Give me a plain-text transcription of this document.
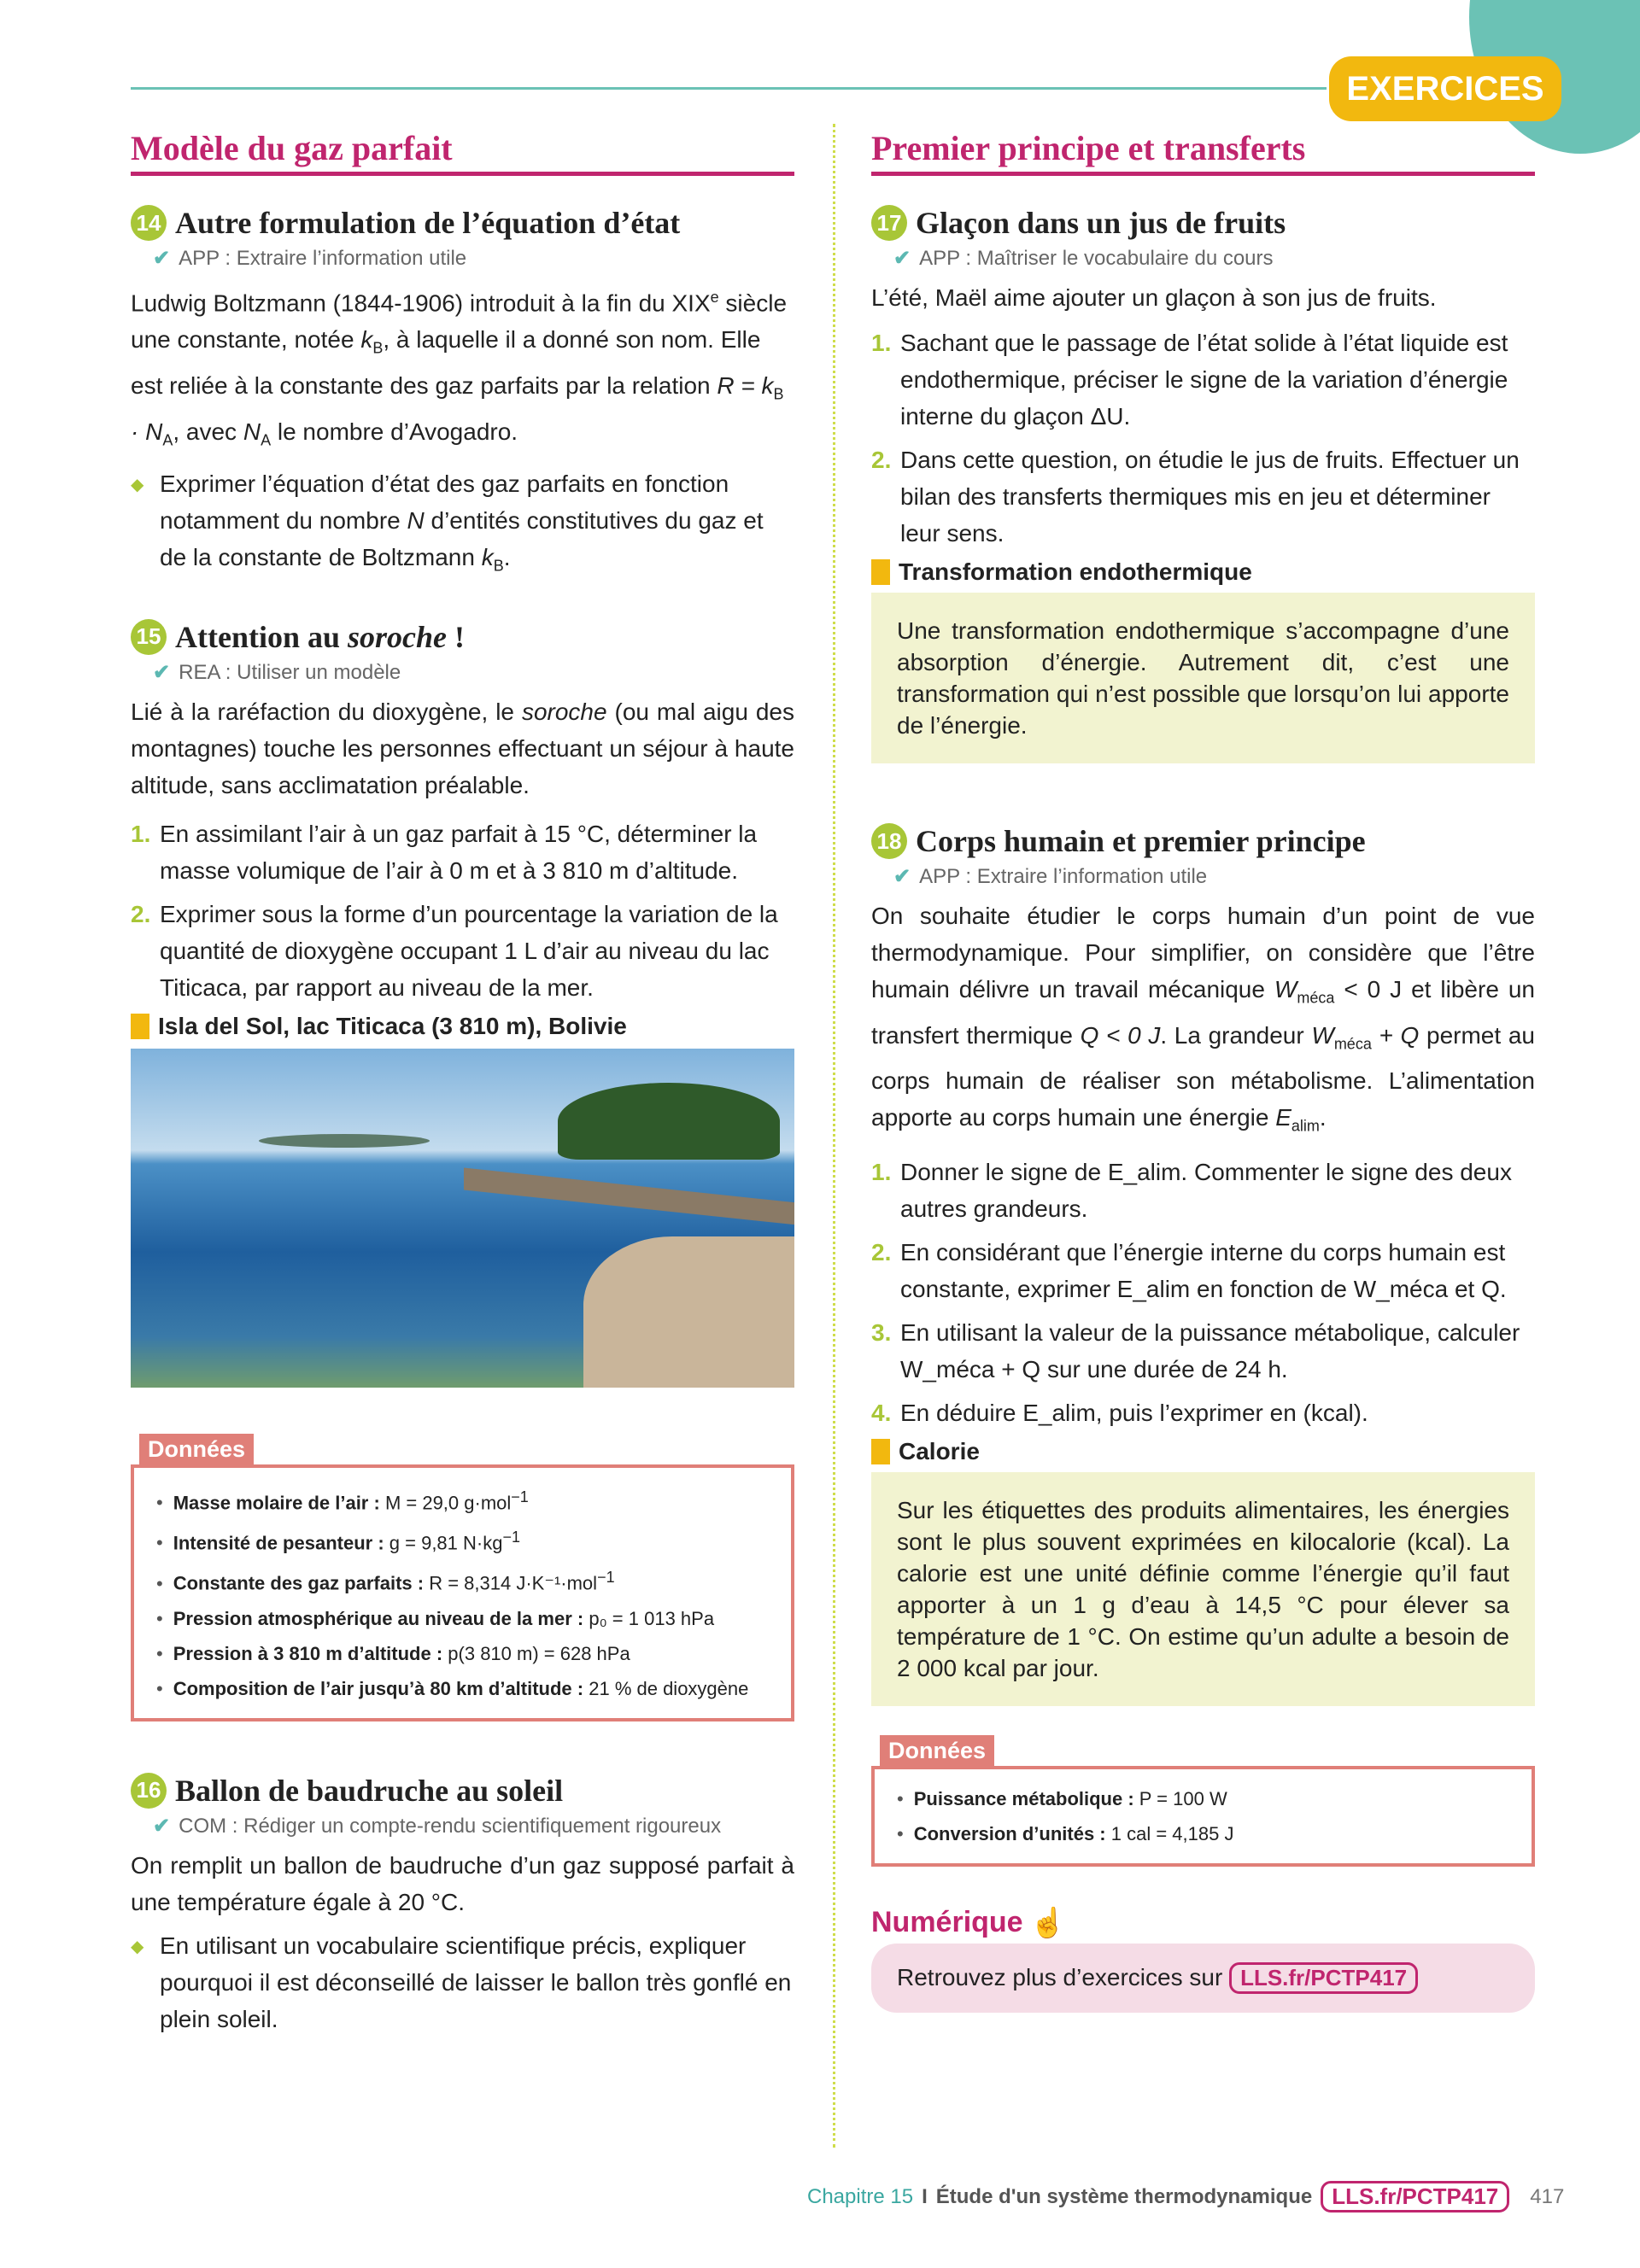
EXERCICES
Modèle du gaz parfait
14 Autre formulation de l’équation d’état
✔ APP : Extraire l’information utile

Ludwig Boltzmann (1844-1906) introduit à la fin du XIXe siècle une constante, notée $k_B$, à laquelle il a donné son nom. Elle est reliée à la constante des gaz parfaits par la relation $R = k_B \cdot N_A$, avec $N_A$ le nombre d’Avogadro.

◆ Exprimer l’équation d’état des gaz parfaits en fonction notamment du nombre N d’entités constitutives du gaz et de la constante de Boltzmann $k_B$.
15 Attention au soroche !
✔ REA : Utiliser un modèle

Lié à la raréfaction du dioxygène, le soroche (ou mal aigu des montagnes) touche les personnes effectuant un séjour à haute altitude, sans acclimatation préalable.

1. En assimilant l’air à un gaz parfait à 15 °C, déterminer la masse volumique de l’air à 0 m et à 3 810 m d’altitude.
2. Exprimer sous la forme d’un pourcentage la variation de la quantité de dioxygène occupant 1 L d’air au niveau du lac Titicaca, par rapport au niveau de la mer.
Isla del Sol, lac Titicaca (3 810 m), Bolivie
Données
• Masse molaire de l’air : M = 29,0 g·mol$^{-1}$
• Intensité de pesanteur : g = 9,81 $N\cdot kg^{-1}$
• Constante des gaz parfaits : R = 8,314 J·K⁻¹·mol$^{-1}$
• Pression atmosphérique au niveau de la mer : p₀ = 1 013 hPa
• Pression à 3 810 m d’altitude : p(3 810 m) = 628 hPa
• Composition de l’air jusqu’à 80 km d’altitude : 21 % de dioxygène
16 Ballon de baudruche au soleil
✔ COM : Rédiger un compte-rendu scientifiquement rigoureux

On remplit un ballon de baudruche d’un gaz supposé parfait à une température égale à 20 °C.

◆ En utilisant un vocabulaire scientifique précis, expliquer pourquoi il est déconseillé de laisser le ballon très gonflé en plein soleil.
Premier principe et transferts
17 Glaçon dans un jus de fruits
✔ APP : Maîtriser le vocabulaire du cours

L’été, Maël aime ajouter un glaçon à son jus de fruits.

1. Sachant que le passage de l’état solide à l’état liquide est endothermique, préciser le signe de la variation d’énergie interne du glaçon ΔU.
2. Dans cette question, on étudie le jus de fruits. Effectuer un bilan des transferts thermiques mis en jeu et déterminer leur sens.
Transformation endothermique
Une transformation endothermique s’accompagne d’une absorption d’énergie. Autrement dit, c’est une transformation qui n’est possible que lorsqu’on lui apporte de l’énergie.
18 Corps humain et premier principe
✔ APP : Extraire l’information utile

On souhaite étudier le corps humain d’un point de vue thermodynamique. Pour simplifier, on considère que l’être humain délivre un travail mécanique $W_{méca} < 0$ J et libère un transfert thermique Q < 0 J. La grandeur $W_{méca} + Q$ permet au corps humain de réaliser son métabolisme. L’alimentation apporte au corps humain une énergie $E_{alim}$.

1. Donner le signe de E_alim. Commenter le signe des deux autres grandeurs.
2. En considérant que l’énergie interne du corps humain est constante, exprimer E_alim en fonction de W_méca et Q.
3. En utilisant la valeur de la puissance métabolique, calculer W_méca + Q sur une durée de 24 h.
4. En déduire E_alim, puis l’exprimer en (kcal).
Calorie
Sur les étiquettes des produits alimentaires, les énergies sont le plus souvent exprimées en kilocalorie (kcal). La calorie est une unité définie comme l’énergie qu’il faut apporter à un 1 g d’eau à 14,5 °C pour élever sa température de 1 °C. On estime qu’un adulte a besoin de 2 000 kcal par jour.
Données
• Puissance métabolique : P = 100 W
• Conversion d’unités : 1 cal = 4,185 J
Numérique ☝
Retrouvez plus d’exercices sur LLS.fr/PCTP417
Chapitre 15 I Étude d'un système thermodynamique LLS.fr/PCTP417	417
